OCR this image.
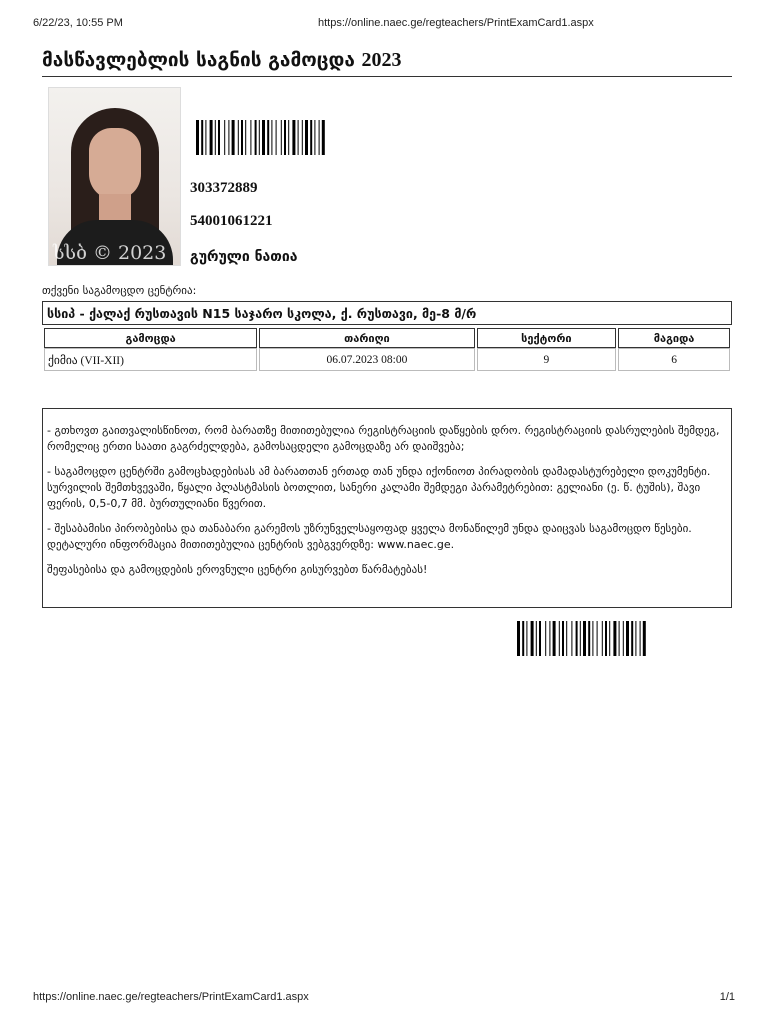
6/22/23, 10:55 PM	https://online.naec.ge/regteachers/PrintExamCard1.aspx
მასწავლებლის საგნის გამოცდა 2023
სსბ © 2023
303372889
54001061221
გურული ნათია
თქვენი საგამოცდო ცენტრია:
სსიპ - ქალაქ რუსთავის N15 საჯარო სკოლა, ქ. რუსთავი, მე-8 მ/რ
გამოცდა	თარიღი	სექტორი	მაგიდა
ქიმია (VII-XII)	06.07.2023 08:00	9	6

- გთხოვთ გაითვალისწინოთ, რომ ბარათზე მითითებულია რეგისტრაციის დაწყების დრო. რეგისტრაციის დასრულების შემდეგ, რომელიც ერთი საათი გაგრძელდება, გამოსაცდელი გამოცდაზე არ დაიშვება;

- საგამოცდო ცენტრში გამოცხადებისას ამ ბარათთან ერთად თან უნდა იქონიოთ პირადობის დამადასტურებელი დოკუმენტი. სურვილის შემთხვევაში, წყალი პლასტმასის ბოთლით, სანერი კალამი შემდეგი პარამეტრებით: გელიანი (ე. წ. ტუშის), შავი ფერის, 0,5-0,7 მმ. ბურთულიანი წვერით.

- შესაბამისი პირობებისა და თანაბარი გარემოს უზრუნველსაყოფად ყველა მონაწილემ უნდა დაიცვას საგამოცდო წესები. დეტალური ინფორმაცია მითითებულია ცენტრის ვებგვერდზე: www.naec.ge.

შეფასებისა და გამოცდების ეროვნული ცენტრი გისურვებთ წარმატებას!

https://online.naec.ge/regteachers/PrintExamCard1.aspx	1/1
